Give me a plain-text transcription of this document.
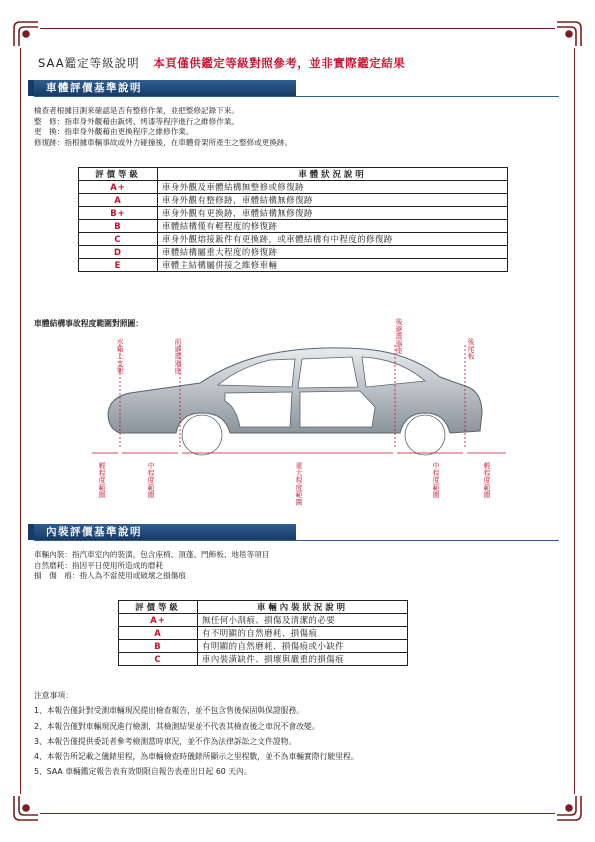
SAA鑑定等級說明 本頁僅供鑑定等級對照參考，並非實際鑑定結果
車體評價基準說明
檢查者根據目測來確認是否有整修作業，並把整修記錄下來。
整　修：指車身外觀藉由鈑烤、烤漆等程序進行之維修作業。
更　換：指車身外觀藉由更換程序之維修作業。
修復跡：指根據車輛事故或外力碰撞後，在車體骨架所產生之整修或更換跡。
評價等級	車體狀況說明
A+	車身外觀及車體結構無整修或修復跡
A	車身外觀有整修跡，車體結構無修復跡
B+	車身外觀有更換跡，車體結構無修復跡
B	車體結構僅有輕程度的修復跡
C	車身外觀熔接鈑件有更換跡，或車體結構有中程度的修復跡
D	車體結構屬重大程度的修復跡
E	車體主結構屬併接之維修車輛
車體結構事故程度範圍對照圖：
水箱上支架	前避震器座
後避震器座	後尾板
輕程度範圍	中程度範圍	重大程度範圍	中程度範圍	輕程度範圍
內裝評價基準說明
車輛內裝：指汽車室內的裝潢，包含座椅、頂蓬、門飾板、地毯等項目
自然磨耗：指因平日使用所造成的磨耗
損　傷　痕：指人為不當使用或破壞之損傷痕
評價等級	車輛內裝狀況說明
A+	無任何小刮痕、損傷及清潔的必要
A	有不明顯的自然磨耗、損傷痕
B	有明顯的自然磨耗、損傷痕或小缺件
C	車內裝潢缺件、損壞與嚴重的損傷痕
注意事項：
1、本報告僅針對受測車輛現況提出檢查報告，並不包含售後保固與保證服務。
2、本報告僅對車輛現況進行檢測，其檢測結果並不代表其檢查後之車況不會改變。
3、本報告僅提供委託者參考檢測當時車況，並不作為法律訴訟之文件證物。
4、本報告所記載之儀錶里程，為車輛檢查時儀錶所顯示之里程數，並不為車輛實際行駛里程。
5、SAA 車輛鑑定報告表有效期限自報告表產出日起 60 天內。
